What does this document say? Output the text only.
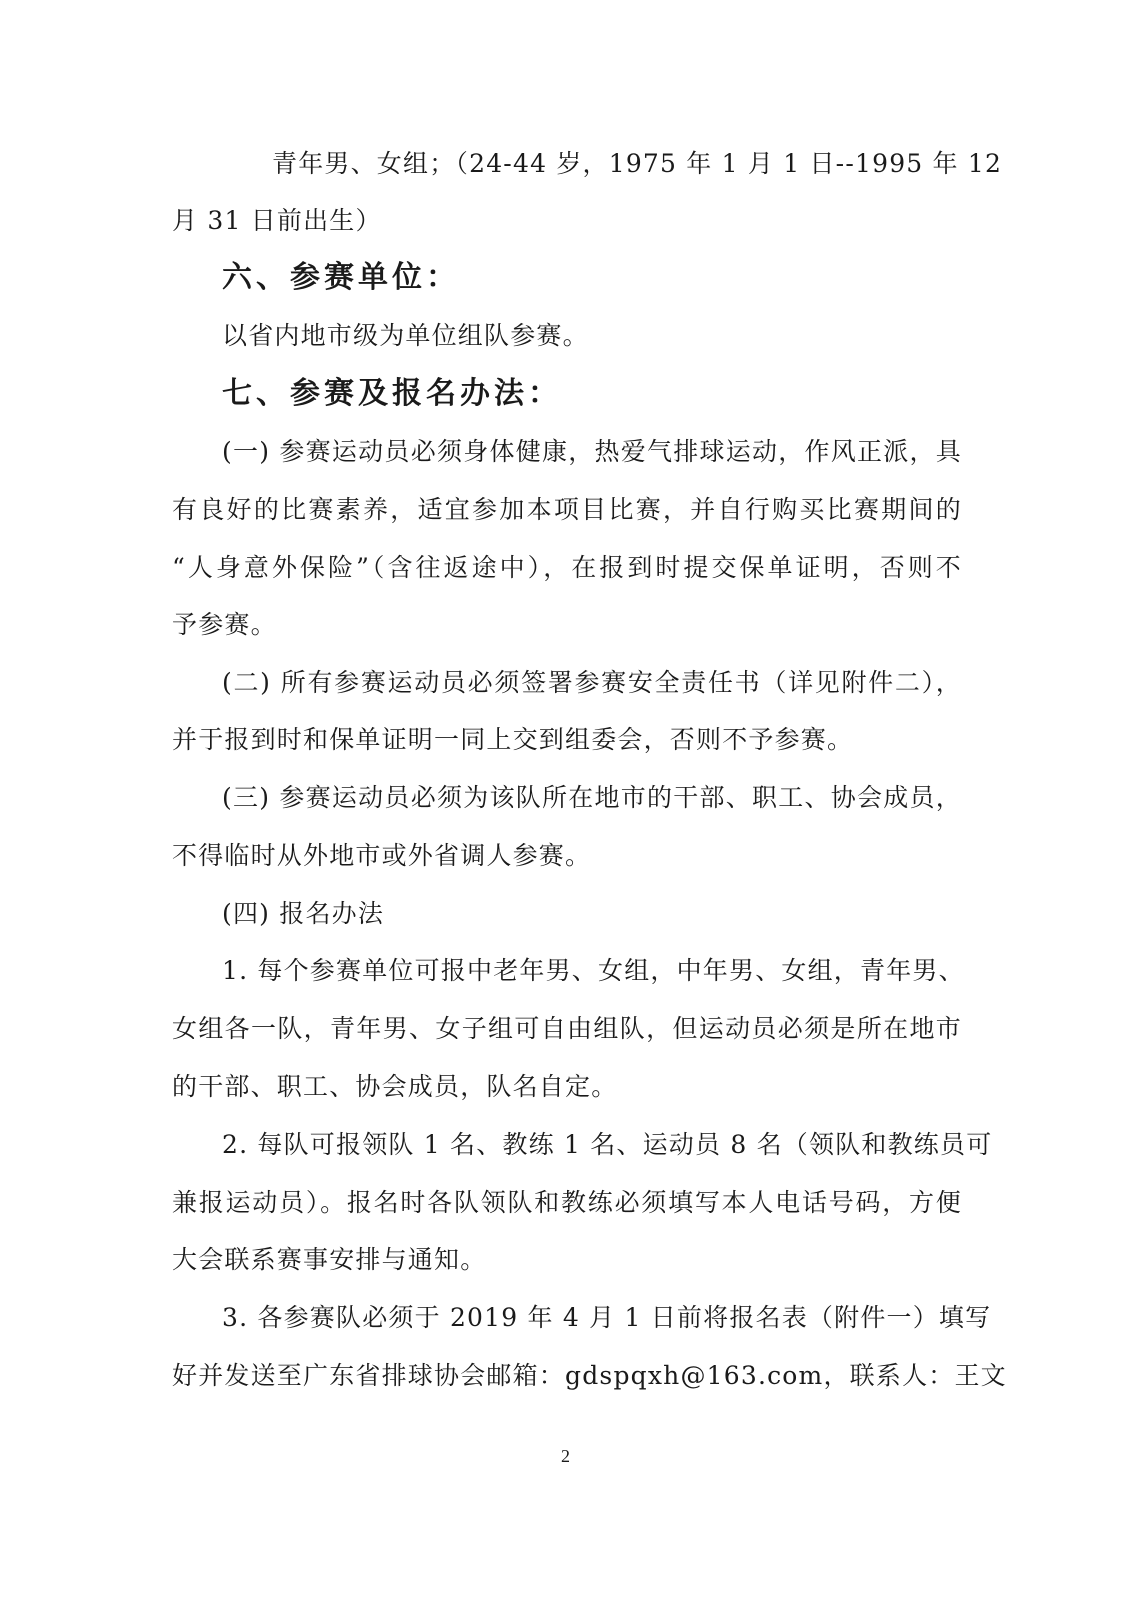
青年男、女组；（24-44 岁，1975 年 1 月 1 日--1995 年 12
月 31 日前出生）
六、参赛单位：
以省内地市级为单位组队参赛。
七、参赛及报名办法：
(一) 参赛运动员必须身体健康，热爱气排球运动，作风正派，具
有良好的比赛素养，适宜参加本项目比赛，并自行购买比赛期间的
“人身意外保险”（含往返途中），在报到时提交保单证明，否则不
予参赛。
(二) 所有参赛运动员必须签署参赛安全责任书（详见附件二），
并于报到时和保单证明一同上交到组委会，否则不予参赛。
(三) 参赛运动员必须为该队所在地市的干部、职工、协会成员，
不得临时从外地市或外省调人参赛。
(四) 报名办法
1. 每个参赛单位可报中老年男、女组，中年男、女组，青年男、
女组各一队，青年男、女子组可自由组队，但运动员必须是所在地市
的干部、职工、协会成员，队名自定。
2. 每队可报领队 1 名、教练 1 名、运动员 8 名（领队和教练员可
兼报运动员）。报名时各队领队和教练必须填写本人电话号码，方便
大会联系赛事安排与通知。
3. 各参赛队必须于 2019 年 4 月 1 日前将报名表（附件一）填写
好并发送至广东省排球协会邮箱：gdspqxh@163.com，联系人：王文
2
